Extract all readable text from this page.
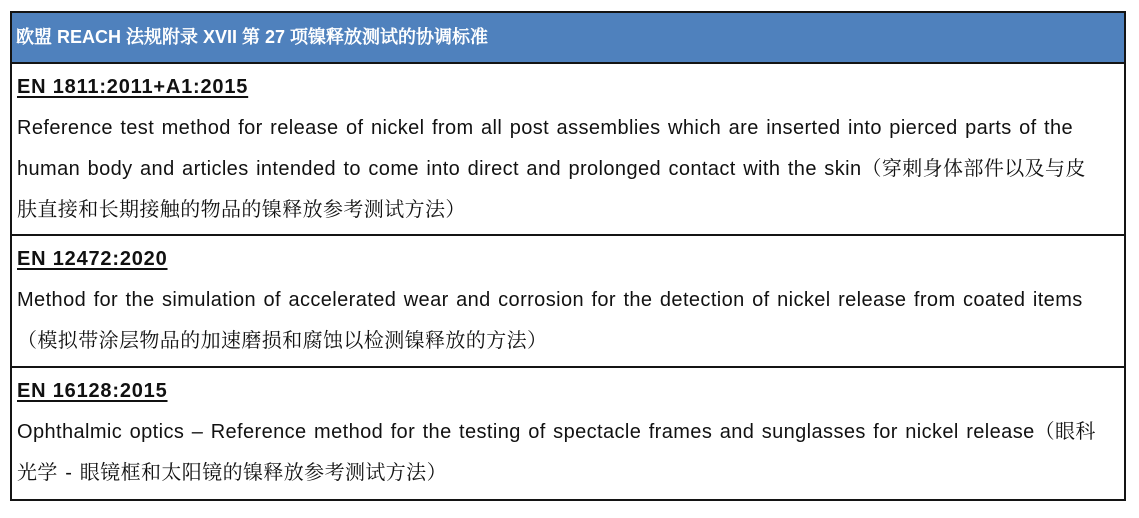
欧盟 REACH 法规附录 XVII 第 27 项镍释放测试的协调标准
EN 1811:2011+A1:2015
Reference test method for release of nickel from all post assemblies which are inserted into pierced parts of the
human body and articles intended to come into direct and prolonged contact with the skin（穿刺身体部件以及与皮
肤直接和长期接触的物品的镍释放参考测试方法）
EN 12472:2020
Method for the simulation of accelerated wear and corrosion for the detection of nickel release from coated items
（模拟带涂层物品的加速磨损和腐蚀以检测镍释放的方法）
EN 16128:2015
Ophthalmic optics – Reference method for the testing of spectacle frames and sunglasses for nickel release（眼科
光学 - 眼镜框和太阳镜的镍释放参考测试方法）
